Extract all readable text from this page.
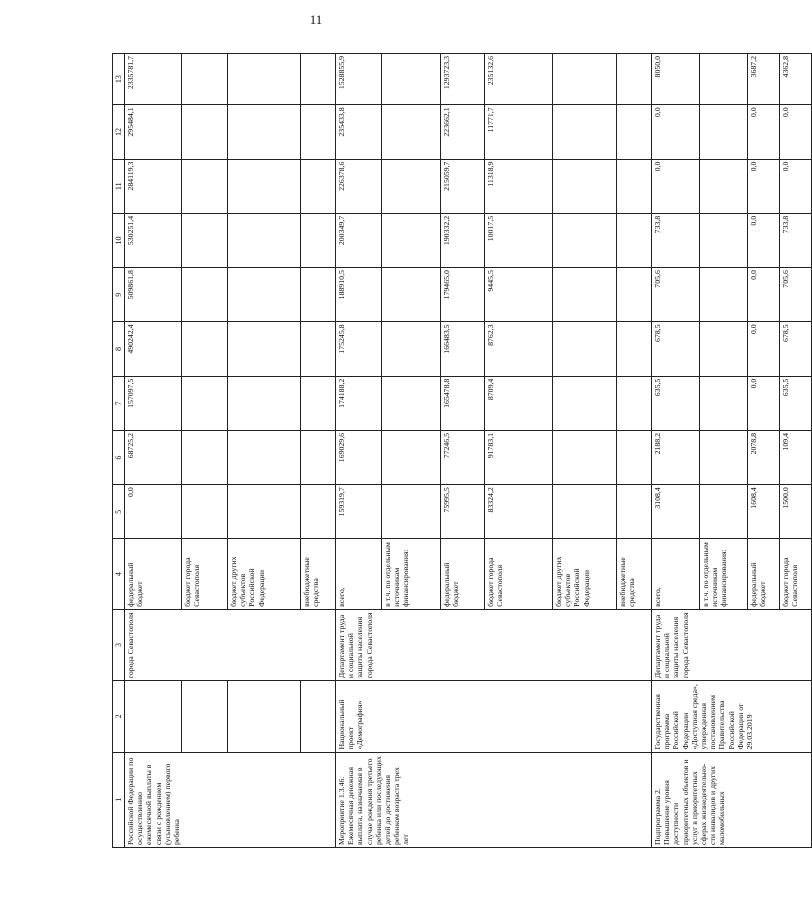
11
1	2	3	4	5	6	7	8	9	10	11	12	13
Российской Федерации по осуществлению ежемесячной выплаты в связи с рождением (усыновлением) первого ребенка		города Севастополя	федеральный бюджет	0,0	68725,2	157097,5	490242,4	509861,8	530251,4	284119,3	295484,1	2335781,7
			бюджет города Севастополя									
			бюджет других субъектов Российской Федерации									
			внебюджетные средства									
Мероприятие 1.3.46. Ежемесячная денежная выплата, назначаемая в случае рождения третьего ребенка или последующих детей до достижения ребенком возраста трех лет	Национальный проект «Демография»	Департамент труда и социальной защиты населения города Севастополя	всего,	159319,7	169029,6	174188,2	175245,8	188910,5	200349,7	226378,6	235433,8	1528855,9
			в т.ч. по отдельным источникам финансирования:									
			федеральный бюджет	75995,5	77246,5	165478,8	166483,5	179465,0	190332,2	215059,7	223662,1	1293723,3
			бюджет города Севастополя	83324,2	91783,1	8709,4	8762,3	9445,5	10017,5	11318,9	11771,7	235132,6
			бюджет других субъектов Российской Федерации									
			внебюджетные средства									
Подпрограмма 2. Повышение уровня доступности приоритетных объектов и услуг в приоритетных сферах жизнедеятельно-сти инвалидов и других маломобильных	Государственная программа Российской Федерации «Доступная среда», утвержденная постановлением Правительства Российской Федерации от 29.03.2019	Департамент труда и социальной защиты населения города Севастополя	всего,	3108,4	2188,2	635,5	678,5	705,6	733,8	0,0	0,0	8050,0
			в т.ч. по отдельным источникам финансирования:									
			федеральный бюджет	1608,4	2078,8	0,0	0,0	0,0	0,0	0,0	0,0	3687,2
			бюджет города Севастополя	1500,0	109,4	635,5	678,5	705,6	733,8	0,0	0,0	4362,8
